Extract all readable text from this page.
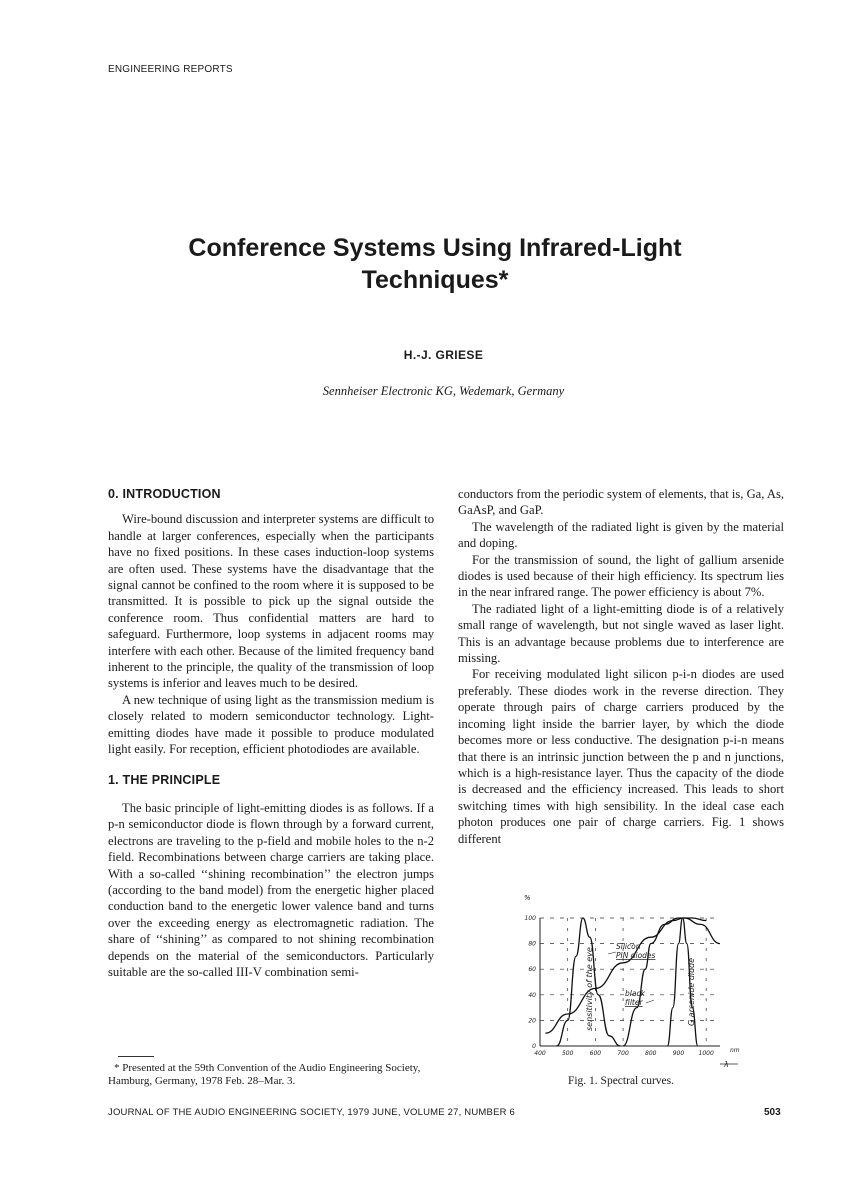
ENGINEERING REPORTS
Conference Systems Using Infrared-Light Techniques*
H.-J. GRIESE
Sennheiser Electronic KG, Wedemark, Germany
0. INTRODUCTION

Wire-bound discussion and interpreter systems are difficult to handle at larger conferences, especially when the participants have no fixed positions. In these cases induction-loop systems are often used. These systems have the disadvantage that the signal cannot be confined to the room where it is supposed to be transmitted. It is possible to pick up the signal outside the conference room. Thus confidential matters are hard to safeguard. Furthermore, loop systems in adjacent rooms may interfere with each other. Because of the limited frequency band inherent to the principle, the quality of the transmission of loop systems is inferior and leaves much to be desired.

A new technique of using light as the transmission medium is closely related to modern semiconductor technology. Light-emitting diodes have made it possible to produce modulated light easily. For reception, efficient photodiodes are available.

1. THE PRINCIPLE

The basic principle of light-emitting diodes is as follows. If a p-n semiconductor diode is flown through by a forward current, electrons are traveling to the p-field and mobile holes to the n-2 field. Recombinations between charge carriers are taking place. With a so-called ‘‘shining recombination’’ the electron jumps (according to the band model) from the energetic higher placed conduction band to the energetic lower valence band and turns over the exceeding energy as electromagnetic radiation. The share of ‘‘shining’’ as compared to not shining recombination depends on the material of the semiconductors. Particularly suitable are the so-called III-V combination semi-

conductors from the periodic system of elements, that is, Ga, As, GaAsP, and GaP.

The wavelength of the radiated light is given by the material and doping.

For the transmission of sound, the light of gallium arsenide diodes is used because of their high efficiency. Its spectrum lies in the near infrared range. The power efficiency is about 7%.

The radiated light of a light-emitting diode is of a relatively small range of wavelength, but not single waved as laser light. This is an advantage because problems due to interference are missing.

For receiving modulated light silicon p-i-n diodes are used preferably. These diodes work in the reverse direction. They operate through pairs of charge carriers produced by the incoming light inside the barrier layer, by which the diode becomes more or less conductive. The designation p-i-n means that there is an intrinsic junction between the p and n junctions, which is a high-resistance layer. Thus the capacity of the diode is decreased and the efficiency increased. This leads to short switching times with high sensibility. In the ideal case each photon produces one pair of charge carriers. Fig. 1 shows different

* Presented at the 59th Convention of the Audio Engineering Society, Hamburg, Germany, 1978 Feb. 28–Mar. 3.
%
100
80
60
40
20
0
400	500	600	700	800	900 1000
sensitivity of the eye
Silicon
PIN diodes
black
filter	G arsenide diode
nm
λ
Fig. 1. Spectral curves.
JOURNAL OF THE AUDIO ENGINEERING SOCIETY, 1979 JUNE, VOLUME 27, NUMBER 6	503
